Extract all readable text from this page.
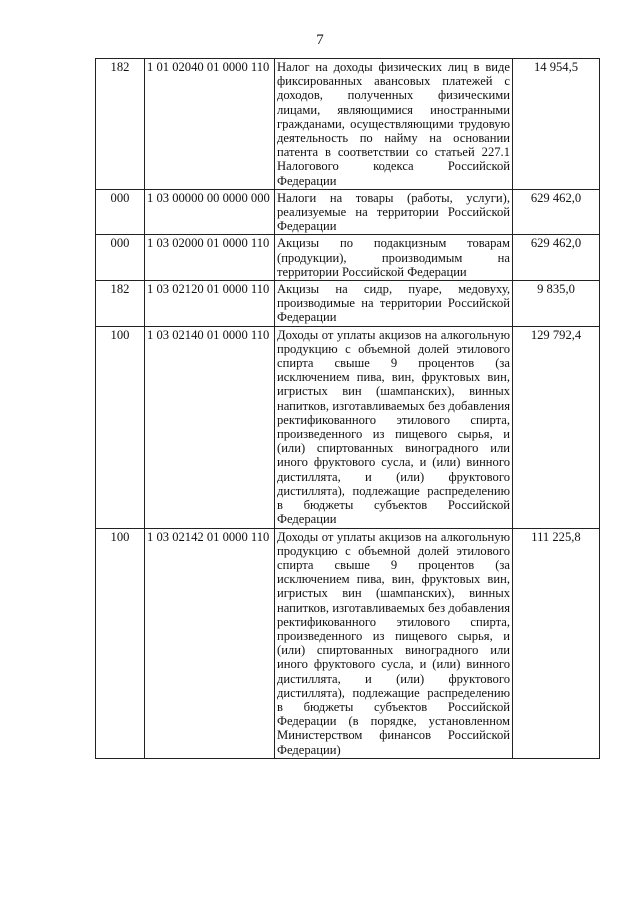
7
182	1 01 02040 01 0000 110	Налог на доходы физических лиц в виде фиксированных авансовых платежей с доходов, полученных физическими лицами, являющимися иностранными гражданами, осуществляющими трудовую деятельность по найму на основании патента в соответствии со статьей 227.1 Налогового кодекса Российской Федерации	14 954,5
000	1 03 00000 00 0000 000	Налоги на товары (работы, услуги), реализуемые на территории Российской Федерации	629 462,0
000	1 03 02000 01 0000 110	Акцизы по подакцизным товарам (продукции), производимым на территории Российской Федерации	629 462,0
182	1 03 02120 01 0000 110	Акцизы на сидр, пуаре, медовуху, производимые на территории Российской Федерации	9 835,0
100	1 03 02140 01 0000 110	Доходы от уплаты акцизов на алкогольную продукцию с объемной долей этилового спирта свыше 9 процентов (за исключением пива, вин, фруктовых вин, игристых вин (шампанских), винных напитков, изготавливаемых без добавления ректификованного этилового спирта, произведенного из пищевого сырья, и (или) спиртованных виноградного или иного фруктового сусла, и (или) винного дистиллята, и (или) фруктового дистиллята), подлежащие распределению в бюджеты субъектов Российской Федерации	129 792,4
100	1 03 02142 01 0000 110	Доходы от уплаты акцизов на алкогольную продукцию с объемной долей этилового спирта свыше 9 процентов (за исключением пива, вин, фруктовых вин, игристых вин (шампанских), винных напитков, изготавливаемых без добавления ректификованного этилового спирта, произведенного из пищевого сырья, и (или) спиртованных виноградного или иного фруктового сусла, и (или) винного дистиллята, и (или) фруктового дистиллята), подлежащие распределению в бюджеты субъектов Российской Федерации (в порядке, установленном Министерством финансов Российской Федерации)	111 225,8
